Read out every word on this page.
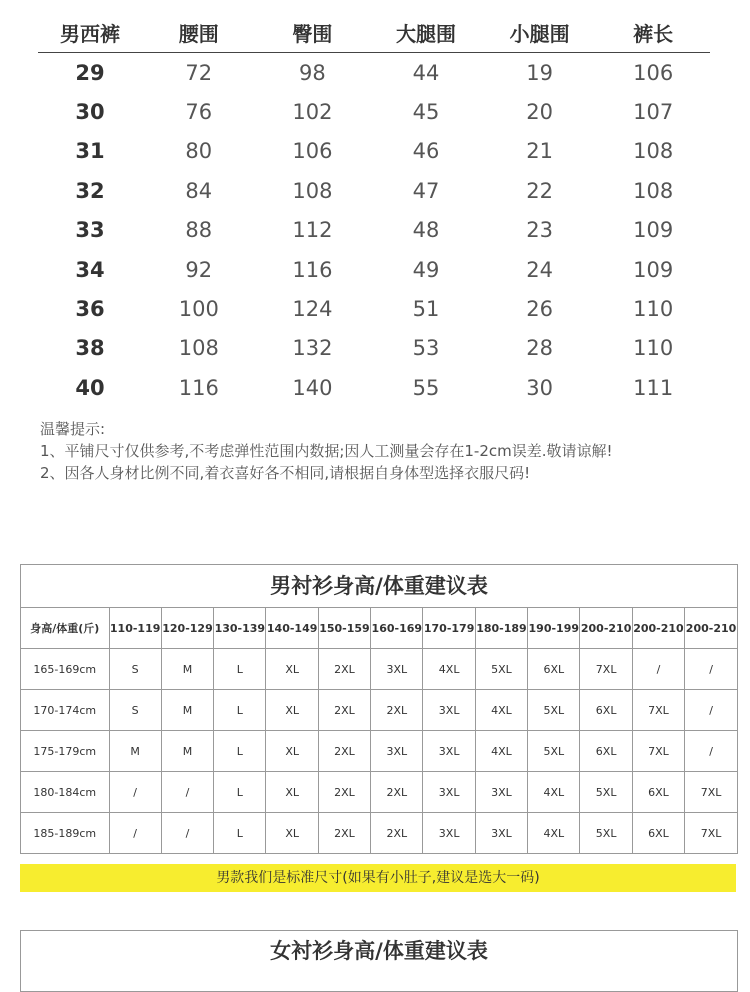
男西裤	腰围	臀围	大腿围	小腿围	裤长
29	72	98	44	19	106
30	76	102	45	20	107
31	80	106	46	21	108
32	84	108	47	22	108
33	88	112	48	23	109
34	92	116	49	24	109
36	100	124	51	26	110
38	108	132	53	28	110
40	116	140	55	30	111
温馨提示:
1、平铺尺寸仅供参考,不考虑弹性范围内数据;因人工测量会存在1-2cm误差.敬请谅解!
2、因各人身材比例不同,着衣喜好各不相同,请根据自身体型选择衣服尺码!
男衬衫身高/体重建议表
身高/体重(斤)	110-119	120-129	130-139	140-149	150-159	160-169	170-179	180-189	190-199	200-210	200-210	200-210
165-169cm	S	M	L	XL	2XL	3XL	4XL	5XL	6XL	7XL	/	/
170-174cm	S	M	L	XL	2XL	2XL	3XL	4XL	5XL	6XL	7XL	/
175-179cm	M	M	L	XL	2XL	3XL	3XL	4XL	5XL	6XL	7XL	/
180-184cm	/	/	L	XL	2XL	2XL	3XL	3XL	4XL	5XL	6XL	7XL
185-189cm	/	/	L	XL	2XL	2XL	3XL	3XL	4XL	5XL	6XL	7XL
男款我们是标准尺寸(如果有小肚子,建议是选大一码)
女衬衫身高/体重建议表
